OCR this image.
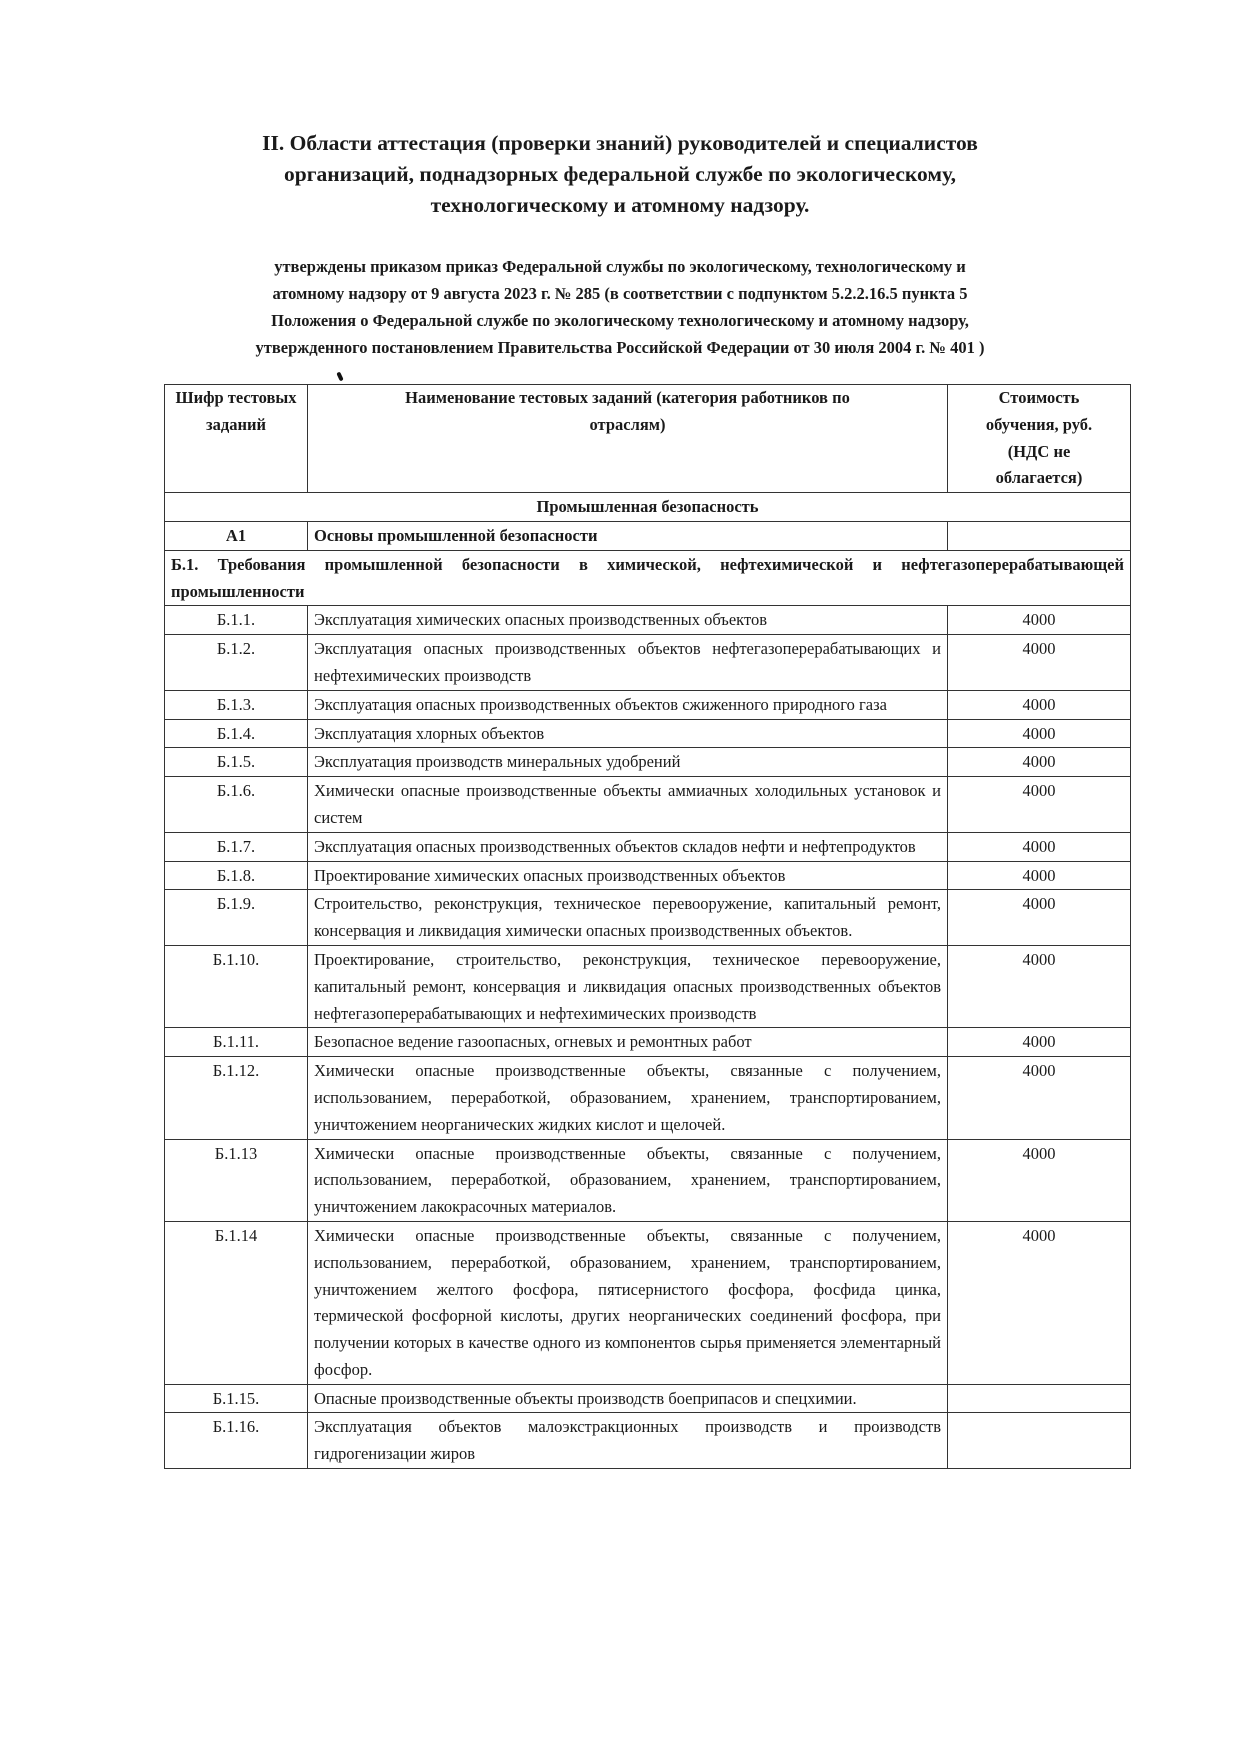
II. Области аттестация (проверки знаний) руководителей и специалистов
организаций, поднадзорных федеральной службе по экологическому,
технологическому и атомному надзору.
утверждены приказом приказ Федеральной службы по экологическому, технологическому и
атомному надзору от 9 августа 2023 г. № 285 (в соответствии с подпунктом 5.2.2.16.5 пункта 5
Положения о Федеральной службе по экологическому технологическому и атомному надзору,
утвержденного постановлением Правительства Российской Федерации от 30 июля 2004 г. № 401 )
Шифр тестовых заданий	Наименование тестовых заданий (категория работников по отраслям)	Стоимость обучения, руб. (НДС не облагается)
Промышленная безопасность		
А1	Основы промышленной безопасности	
Б.1. Требования промышленной безопасности в химической, нефтехимической и нефтегазоперерабатывающей промышленности		
Б.1.1.	Эксплуатация химических опасных производственных объектов	4000
Б.1.2.	Эксплуатация опасных производственных объектов нефтегазоперерабатывающих и нефтехимических производств	4000
Б.1.3.	Эксплуатация опасных производственных объектов сжиженного природного газа	4000
Б.1.4.	Эксплуатация хлорных объектов	4000
Б.1.5.	Эксплуатация производств минеральных удобрений	4000
Б.1.6.	Химически опасные производственные объекты аммиачных холодильных установок и систем	4000
Б.1.7.	Эксплуатация опасных производственных объектов складов нефти и нефтепродуктов	4000
Б.1.8.	Проектирование химических опасных производственных объектов	4000
Б.1.9.	Строительство, реконструкция, техническое перевооружение, капитальный ремонт, консервация и ликвидация химически опасных производственных объектов.	4000
Б.1.10.	Проектирование, строительство, реконструкция, техническое перевооружение, капитальный ремонт, консервация и ликвидация опасных производственных объектов нефтегазоперерабатывающих и нефтехимических производств	4000
Б.1.11.	Безопасное ведение газоопасных, огневых и ремонтных работ	4000
Б.1.12.	Химически опасные производственные объекты, связанные с получением, использованием, переработкой, образованием, хранением, транспортированием, уничтожением неорганических жидких кислот и щелочей.	4000
Б.1.13	Химически опасные производственные объекты, связанные с получением, использованием, переработкой, образованием, хранением, транспортированием, уничтожением лакокрасочных материалов.	4000
Б.1.14	Химически опасные производственные объекты, связанные с получением, использованием, переработкой, образованием, хранением, транспортированием, уничтожением желтого фосфора, пятисернистого фосфора, фосфида цинка, термической фосфорной кислоты, других неорганических соединений фосфора, при получении которых в качестве одного из компонентов сырья применяется элементарный фосфор.	4000
Б.1.15.	Опасные производственные объекты производств боеприпасов и спецхимии.	
Б.1.16.	Эксплуатация объектов малоэкстракционных производств и производств гидрогенизации жиров	
